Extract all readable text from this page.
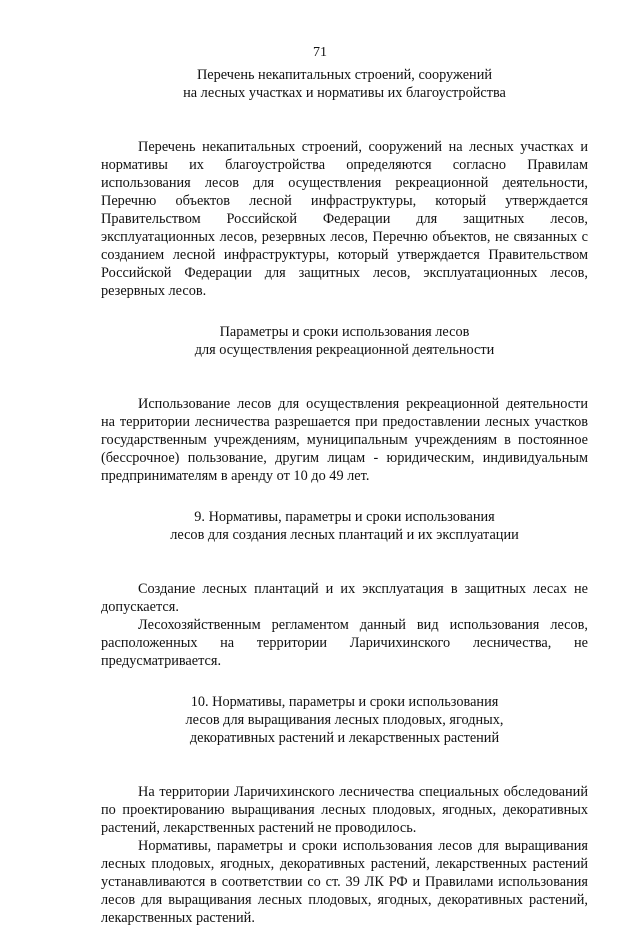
71
Перечень некапитальных строений, сооружений
на лесных участках и нормативы их благоустройства

Перечень некапитальных строений, сооружений на лесных участках и нормативы их благоустройства определяются согласно Правилам использования лесов для осуществления рекреационной деятельности, Перечню объектов лесной инфраструктуры, который утверждается Правительством Российской Федерации для защитных лесов, эксплуатационных лесов, резервных лесов, Перечню объектов, не связанных с созданием лесной инфраструктуры, который утверждается Правительством Российской Федерации для защитных лесов, эксплуатационных лесов, резервных лесов.

Параметры и сроки использования лесов
для осуществления рекреационной деятельности

Использование лесов для осуществления рекреационной деятельности на территории лесничества разрешается при предоставлении лесных участков государственным учреждениям, муниципальным учреждениям в постоянное (бессрочное) пользование, другим лицам - юридическим, индивидуальным предпринимателям в аренду от 10 до 49 лет.

9. Нормативы, параметры и сроки использования
лесов для создания лесных плантаций и их эксплуатации

Создание лесных плантаций и их эксплуатация в защитных лесах не допускается.

Лесохозяйственным регламентом данный вид использования лесов, расположенных на территории Ларичихинского лесничества, не предусматривается.

10. Нормативы, параметры и сроки использования
лесов для выращивания лесных плодовых, ягодных,
декоративных растений и лекарственных растений

На территории Ларичихинского лесничества специальных обследований по проектированию выращивания лесных плодовых, ягодных, декоративных растений, лекарственных растений не проводилось.

Нормативы, параметры и сроки использования лесов для выращивания лесных плодовых, ягодных, декоративных растений, лекарственных растений устанавливаются в соответствии со ст. 39 ЛК РФ и Правилами использования лесов для выращивания лесных плодовых, ягодных, декоративных растений, лекарственных растений.
